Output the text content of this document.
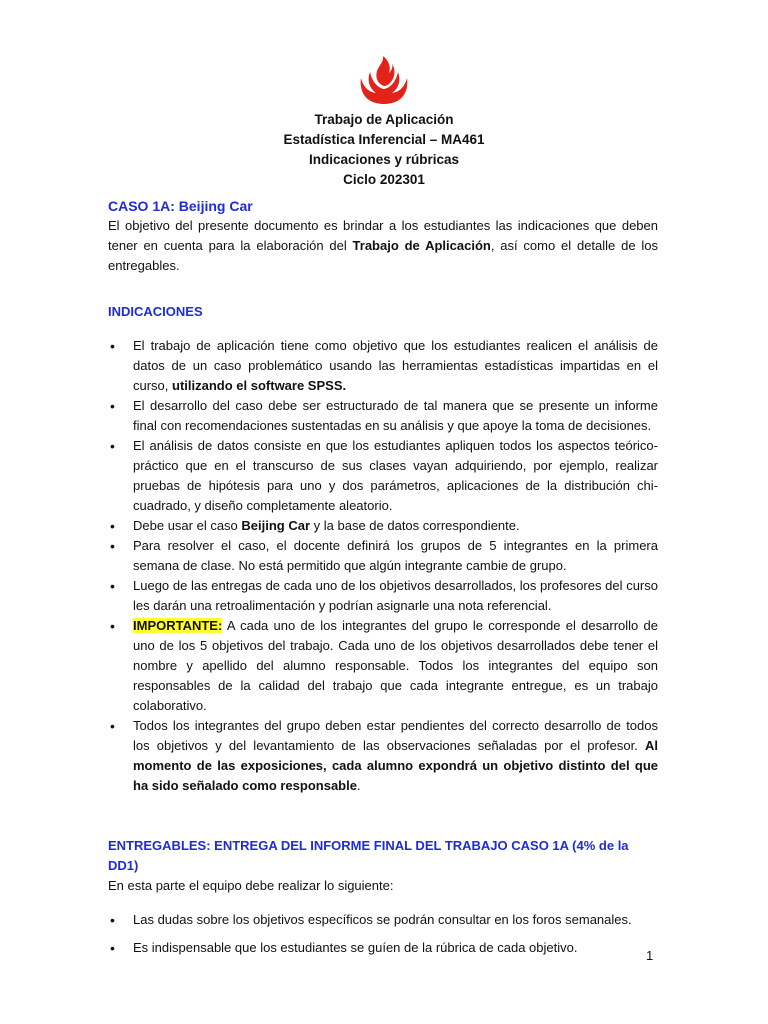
Trabajo de Aplicación
Estadística Inferencial – MA461
Indicaciones y rúbricas
Ciclo 202301

CASO 1A: Beijing Car

El objetivo del presente documento es brindar a los estudiantes las indicaciones que deben tener en cuenta para la elaboración del Trabajo de Aplicación, así como el detalle de los entregables.

INDICACIONES

• El trabajo de aplicación tiene como objetivo que los estudiantes realicen el análisis de datos de un caso problemático usando las herramientas estadísticas impartidas en el curso, utilizando el software SPSS.
• El desarrollo del caso debe ser estructurado de tal manera que se presente un informe final con recomendaciones sustentadas en su análisis y que apoye la toma de decisiones.
• El análisis de datos consiste en que los estudiantes apliquen todos los aspectos teórico-práctico que en el transcurso de sus clases vayan adquiriendo, por ejemplo, realizar pruebas de hipótesis para uno y dos parámetros, aplicaciones de la distribución chi-cuadrado, y diseño completamente aleatorio.
• Debe usar el caso Beijing Car y la base de datos correspondiente.
• Para resolver el caso, el docente definirá los grupos de 5 integrantes en la primera semana de clase. No está permitido que algún integrante cambie de grupo.
• Luego de las entregas de cada uno de los objetivos desarrollados, los profesores del curso les darán una retroalimentación y podrían asignarle una nota referencial.
• IMPORTANTE: A cada uno de los integrantes del grupo le corresponde el desarrollo de uno de los 5 objetivos del trabajo. Cada uno de los objetivos desarrollados debe tener el nombre y apellido del alumno responsable. Todos los integrantes del equipo son responsables de la calidad del trabajo que cada integrante entregue, es un trabajo colaborativo.
• Todos los integrantes del grupo deben estar pendientes del correcto desarrollo de todos los objetivos y del levantamiento de las observaciones señaladas por el profesor. Al momento de las exposiciones, cada alumno expondrá un objetivo distinto del que ha sido señalado como responsable.

ENTREGABLES: ENTREGA DEL INFORME FINAL DEL TRABAJO CASO 1A (4% de la DD1)

En esta parte el equipo debe realizar lo siguiente:

• Las dudas sobre los objetivos específicos se podrán consultar en los foros semanales.
• Es indispensable que los estudiantes se guíen de la rúbrica de cada objetivo.
1
